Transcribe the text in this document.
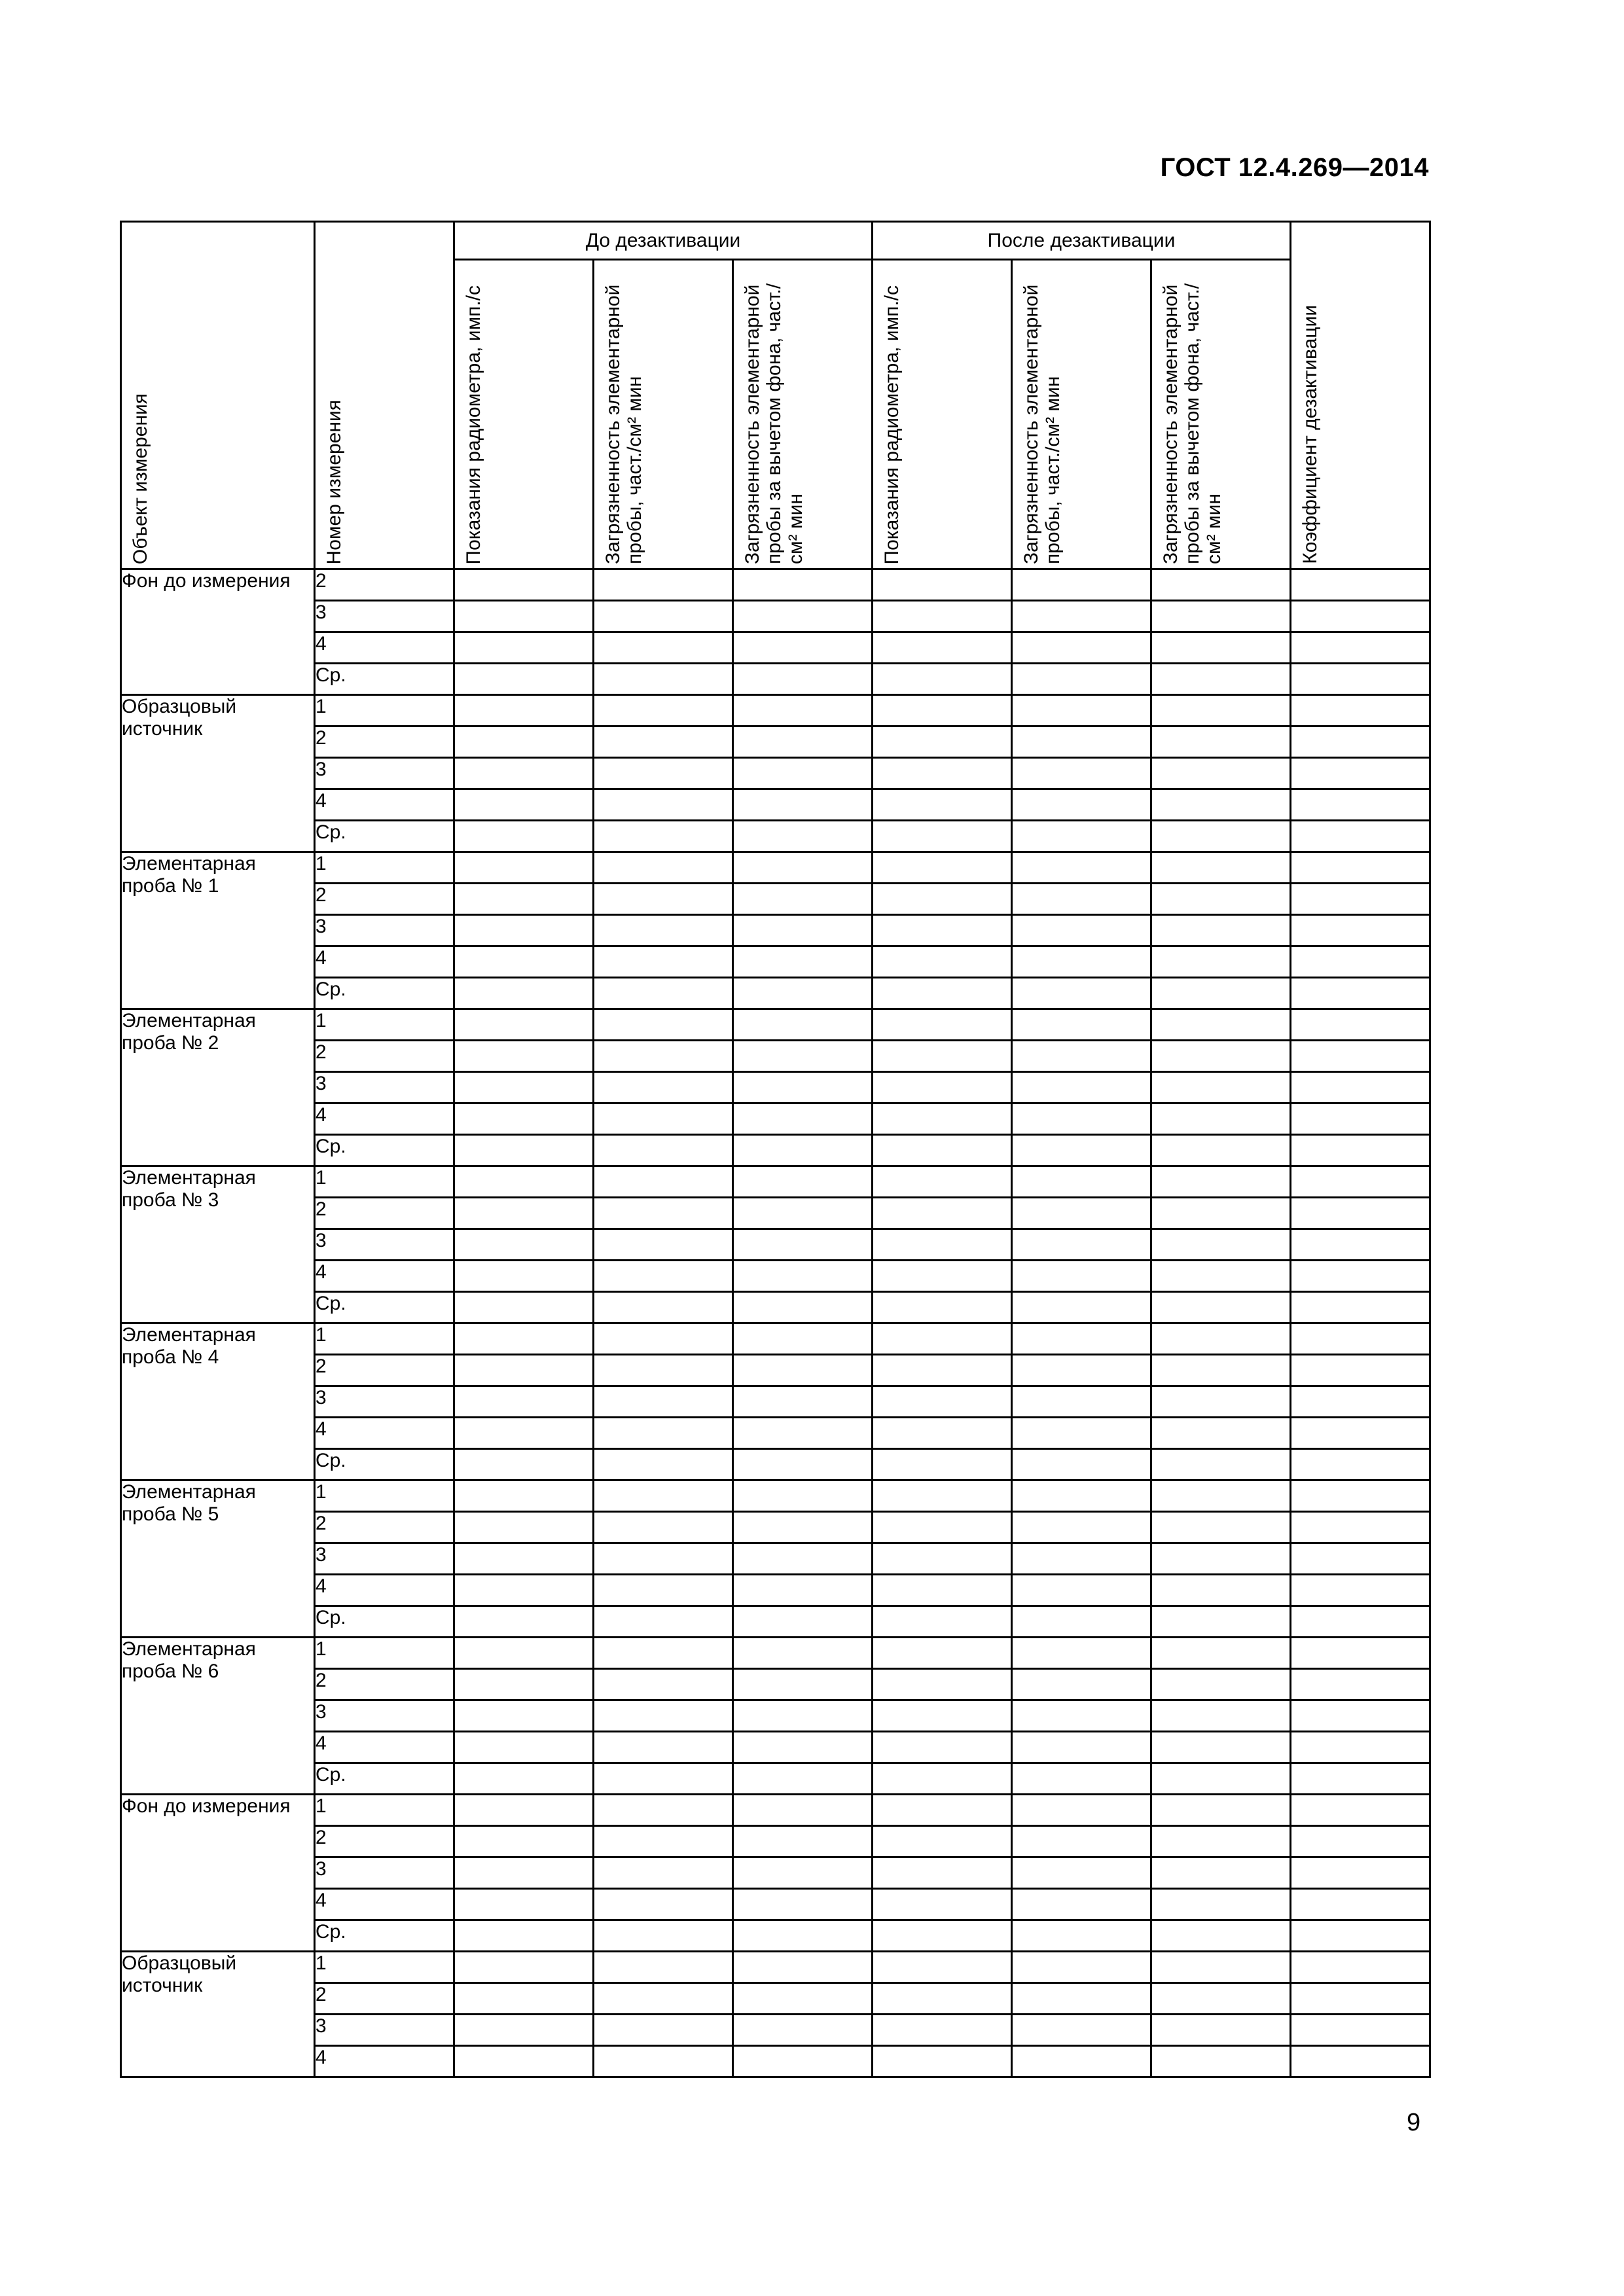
ГОСТ 12.4.269—2014
Объект измерения	Номер измерения	До дезактивации			После дезактивации			Коэффициент дезактивации

		Показания радиометра, имп./с	Загрязненность элементарной пробы, част./см² мин	Загрязненность элементарной пробы за вычетом фона, част./см² мин	Показания радиометра, имп./с	Загрязненность элементарной пробы, част./см² мин	Загрязненность элементарной пробы за вычетом фона, част./см² мин	

Фон до измерения	2							
	3							
	4							
	Ср.							
Образцовый источник	1							
	2							
	3							
	4							
	Ср.							
Элементарная проба № 1	1							
	2							
	3							
	4							
	Ср.							
Элементарная проба № 2	1							
	2							
	3							
	4							
	Ср.							
Элементарная проба № 3	1							
	2							
	3							
	4							
	Ср.							
Элементарная проба № 4	1							
	2							
	3							
	4							
	Ср.							
Элементарная проба № 5	1							
	2							
	3							
	4							
	Ср.							
Элементарная проба № 6	1							
	2							
	3							
	4							
	Ср.							
Фон до измерения	1							
	2							
	3							
	4							
	Ср.							
Образцовый источник	1							
	2							
	3							
	4							
9
